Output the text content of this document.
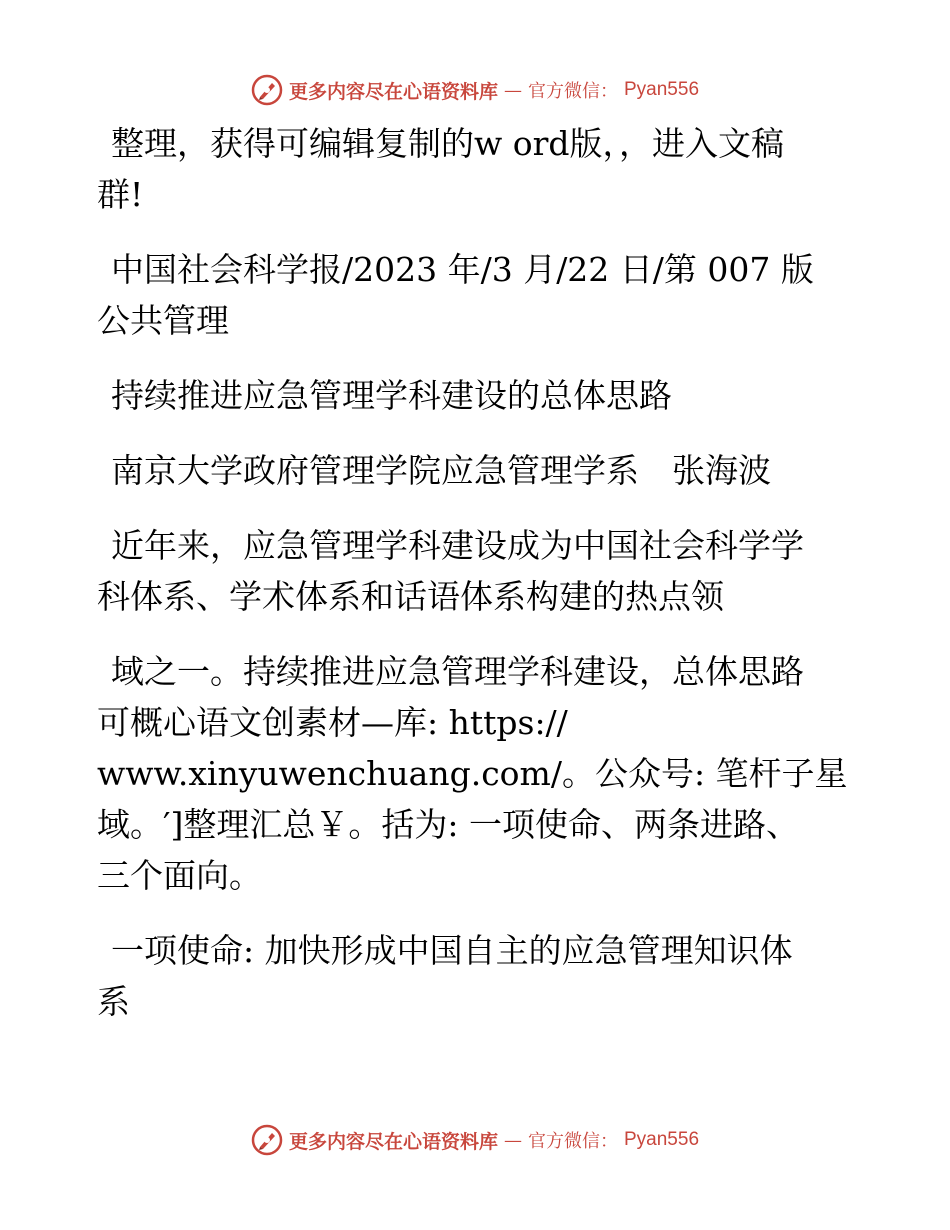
更多内容尽在心语资料库 — 官方微信： Pyan556
整理，获得可编辑复制的w ord版，，进入文稿
群!
中国社会科学报/2023 年/3 月/22 日/第 007 版
公共管理
持续推进应急管理学科建设的总体思路
南京大学政府管理学院应急管理学系　张海波
近年来，应急管理学科建设成为中国社会科学学
科体系、学术体系和话语体系构建的热点领
域之一。持续推进应急管理学科建设，总体思路
可概心语文创素材—库: https://
www.xinyuwenchuang.com/。公众号: 笔杆子星
域。′]整理汇总￥。括为: 一项使命、两条进路、
三个面向。
一项使命: 加快形成中国自主的应急管理知识体
系
更多内容尽在心语资料库 — 官方微信： Pyan556
